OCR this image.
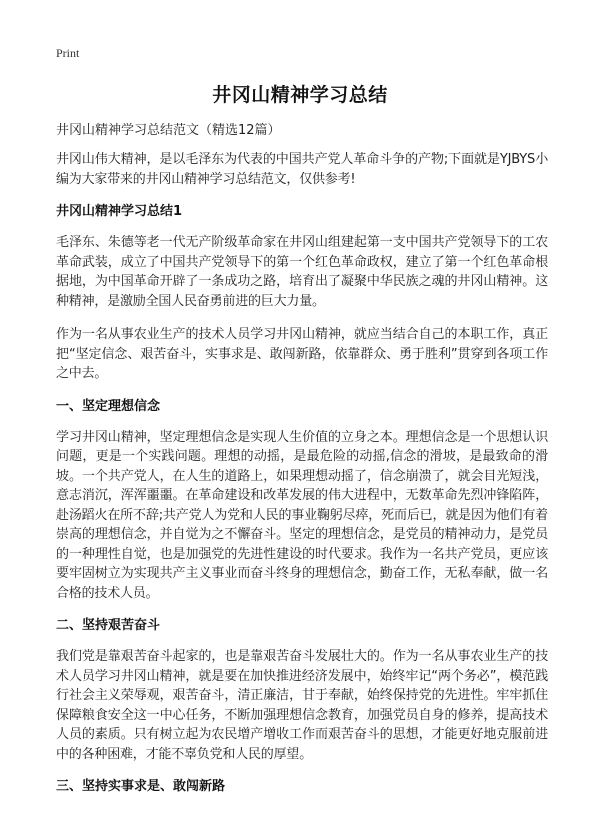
Print
井冈山精神学习总结

井冈山精神学习总结范文（精选12篇）

井冈山伟大精神，是以毛泽东为代表的中国共产党人革命斗争的产物;下面就是YJBYS小编为大家带来的井冈山精神学习总结范文，仅供参考!

井冈山精神学习总结1

毛泽东、朱德等老一代无产阶级革命家在井冈山组建起第一支中国共产党领导下的工农革命武装，成立了中国共产党领导下的第一个红色革命政权，建立了第一个红色革命根据地，为中国革命开辟了一条成功之路，培育出了凝聚中华民族之魂的井冈山精神。这种精神，是激励全国人民奋勇前进的巨大力量。

作为一名从事农业生产的技术人员学习井冈山精神，就应当结合自己的本职工作，真正把“坚定信念、艰苦奋斗，实事求是、敢闯新路，依靠群众、勇于胜利”贯穿到各项工作之中去。

一、坚定理想信念

学习井冈山精神，坚定理想信念是实现人生价值的立身之本。理想信念是一个思想认识问题，更是一个实践问题。理想的动摇，是最危险的动摇,信念的滑坡，是最致命的滑坡。一个共产党人，在人生的道路上，如果理想动摇了，信念崩溃了，就会目光短浅，意志消沉，浑浑噩噩。在革命建设和改革发展的伟大进程中，无数革命先烈冲锋陷阵，赴汤蹈火在所不辞;共产党人为党和人民的事业鞠躬尽瘁，死而后已，就是因为他们有着崇高的理想信念，并自觉为之不懈奋斗。坚定的理想信念，是党员的精神动力，是党员的一种理性自觉，也是加强党的先进性建设的时代要求。我作为一名共产党员，更应该要牢固树立为实现共产主义事业而奋斗终身的理想信念，勤奋工作，无私奉献，做一名合格的技术人员。

二、坚持艰苦奋斗

我们党是靠艰苦奋斗起家的，也是靠艰苦奋斗发展壮大的。作为一名从事农业生产的技术人员学习井冈山精神，就是要在加快推进经济发展中，始终牢记“两个务必”，模范践行社会主义荣辱观，艰苦奋斗，清正廉洁，甘于奉献，始终保持党的先进性。牢牢抓住保障粮食安全这一中心任务，不断加强理想信念教育，加强党员自身的修养，提高技术人员的素质。只有树立起为农民增产增收工作而艰苦奋斗的思想，才能更好地克服前进中的各种困难，才能不辜负党和人民的厚望。

三、坚持实事求是、敢闯新路
